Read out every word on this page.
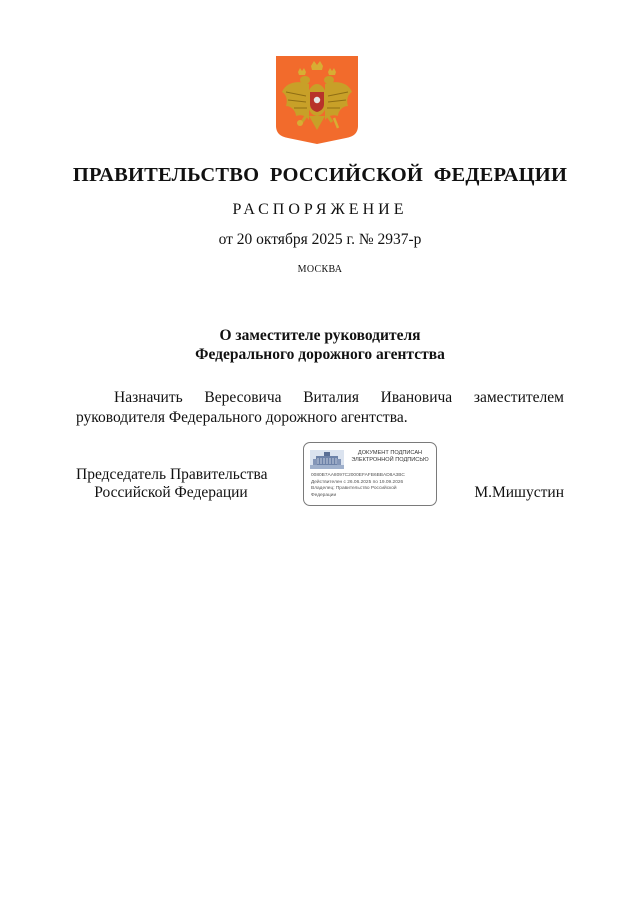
ПРАВИТЕЛЬСТВО РОССИЙСКОЙ ФЕДЕРАЦИИ
РАСПОРЯЖЕНИЕ
от 20 октября 2025 г. № 2937-р
МОСКВА
О заместителе руководителя
Федерального дорожного агентства
Назначить Вересовича Виталия Ивановича заместителем
руководителя Федерального дорожного агентства.
Председатель Правительства
Российской Федерации
ДОКУМЕНТ ПОДПИСАН
ЭЛЕКТРОННОЙ ПОДПИСЬЮ
0080B7AA8097C2000EFAFB6BBAD8A3BC
Действителен с 26.06.2025 по 19.09.2026
Владелец: Правительство Российской
Федерации	М.Мишустин
